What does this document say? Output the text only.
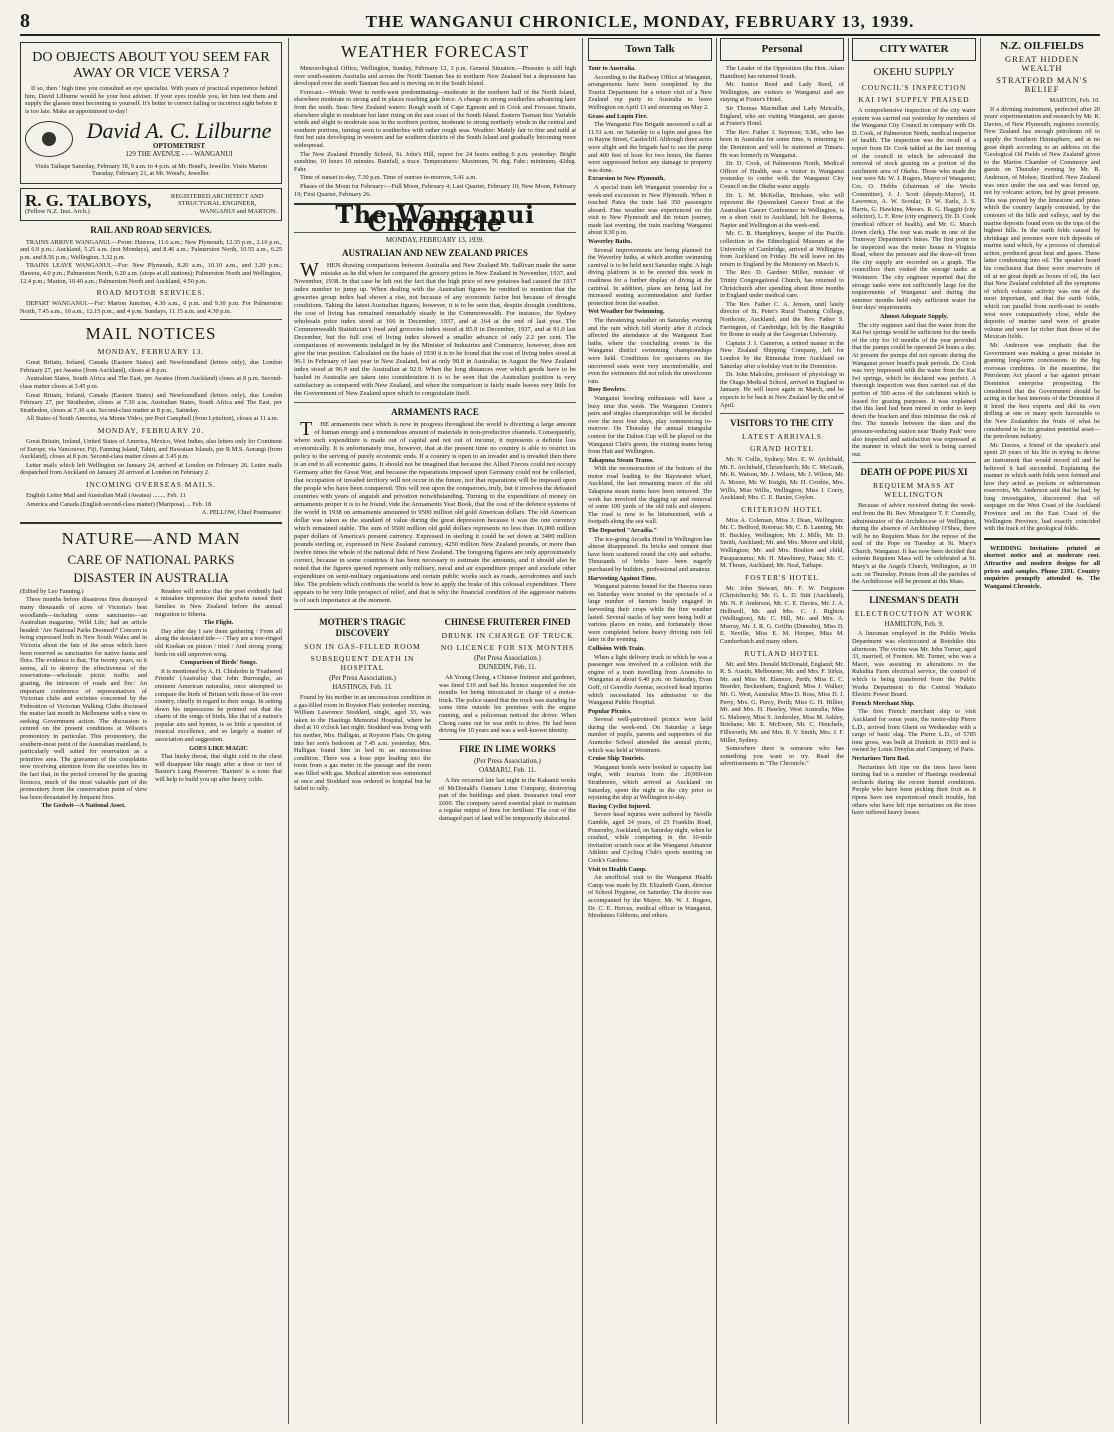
8	THE WANGANUI CHRONICLE, MONDAY, FEBRUARY 13, 1939.
DO OBJECTS ABOUT YOU SEEM FAR AWAY OR VICE VERSA ?

If so, then ' high time you consulted an eye specialist. With years of practical experience behind him, David Lilburne would be your best adviser. If your eyes trouble you, let him test them and supply the glasses most becoming to yourself. It's better to correct failing or incorrect sight before it is too late. Make an appointment to-day!

David A. C. Lilburne
OPTOMETRIST
129 THE AVENUE - - - WANGANUI

Visits Taihape Saturday, February 18, 9 a.m. to 4 p.m. at Mr. Bond's, Jeweller. Visits Marton Tuesday, February 21, at Mr. Wood's, Jeweller.

R. G. TALBOYS,	REGISTERED ARCHITECT AND STRUCTURAL ENGINEER,
(Fellow N.Z. Inst. Arch.)	WANGANUI and MARTON.
RAIL AND ROAD SERVICES.

TRAINS ARRIVE WANGANUI.—From: Hawera, 11.6 a.m.; New Plymouth, 12.35 p.m., 2.16 p.m., and 6.9 p.m.; Auckland, 5.25 a.m. (not Mondays), and 8.46 a.m.; Palmerston North, 10.55 a.m., 6.25 p.m. and 8.56 p.m.; Wellington, 3.32 p.m.

TRAINS LEAVE WANGANUI.—For: New Plymouth, 8.20 a.m., 10.10 a.m., and 3.20 p.m.; Hawera, 4.0 p.m.; Palmerston North, 6.20 a.m. (stops at all stations); Palmerston North and Wellington, 12.4 p.m.; Marton, 10.40 a.m.; Palmerston North and Auckland, 4.50 p.m.

ROAD MOTOR SERVICES.

DEPART WANGANUI.—For: Marton Junction, 4.30 a.m., 6 p.m. and 9.30 p.m. For Palmerston North, 7.45 a.m., 10 a.m., 12.15 p.m., and 4 p.m. Sundays, 11.15 a.m. and 4.30 p.m.

MAIL NOTICES
MONDAY, FEBRUARY 13.

Great Britain, Ireland, Canada (Eastern States) and Newfoundland (letters only), due London February 27, per Awatea (from Auckland), closes at 8 p.m.

Australian States, South Africa and The East, per Awatea (from Auckland) closes at 8 p.m. Second-class matter closes at 3.45 p.m.

Great Britain, Ireland, Canada (Eastern States) and Newfoundland (letters only), due London February 27, per Strathedon, closes at 7.30 a.m. Australian States, South Africa and The East, per Strathedon, closes at 7.30 a.m. Second-class matter at 8 p.m., Saturday.

All States of South America, via Monte Video, per Port Campbell (from Lyttelton), closes at 11 a.m.

MONDAY, FEBRUARY 20.

Great Britain, Ireland, United States of America, Mexico, West Indies, also letters only for Continent of Europe, via Vancouver, Fiji, Fanning Island, Tahiti, and Hawaiian Islands, per R.M.S. Aorangi (from Auckland), closes at 8 p.m. Second-class matter closes at 3.45 p.m.

Letter mails which left Wellington on January 24, arrived at London on February 26. Letter mails despatched from Auckland on January 20 arrived at London on February 2.

INCOMING OVERSEAS MAILS.

English Letter Mail and Australian Mail (Awatea) ........ Feb. 11

America and Canada (English second-class matter) (Mariposa) ... Feb. 18

A. PELLOW, Chief Postmaster.

NATURE—AND MAN
CARE OF NATIONAL PARKS
DISASTER IN AUSTRALIA

(Edited by Leo Fanning.)

Three months before disastrous fires destroyed many thousands of acres of Victoria's best woodlands—including some sanctuaries—an Australian magazine, 'Wild Life,' had an article headed: 'Are National Parks Doomed?' Concern is being expressed both in New South Wales and in Victoria about the fate of the areas which have been reserved as sanctuaries for native fauna and flora. The evidence is that, 'For twenty years, so it seems, all to destroy the effectiveness of the reservations—wholesale picnic traffic and grazing, the intrusion of roads and fire.' An important conference of representatives of Victorian clubs and societies concerned by the Federation of Victorian Walking Clubs discussed the matter last month in Melbourne with a view to seeking Government action. The discussion is centred on the present conditions at Wilson's promontory in particular. This promontory, the southern-most point of the Australian mainland, is particularly well suited for reservation as a primitive area. The gravamen of the complaints now receiving attention from the societies lies in the fact that, in the period covered by the grazing licences, much of the most valuable part of the promontory from the conservation point of view has been devastated by frequent fires.

The Godwit—A National Asset.

Readers will notice that the poet evidently had a mistaken impression that godwits raised their families in New Zealand before the annual migration to Siberia.

The Flight.

Day after day I saw them gathering / From all along the desolated tide— / They are a tree-ringed old Kookan on pinion / tried / And strong young birds on still unproven wing.

Comparison of Birds' Songs.

It is mentioned by A. H. Chisholm in 'Feathered Friends' (Australia) that John Burroughs, an eminent American naturalist, once attempted to compare the birds of Britain with those of his own country, chiefly in regard to their songs. In setting down his impressions he pointed out that the charm of the songs of birds, like that of a nation's popular airs and hymns, is so little a question of musical excellence, and so largely a matter of association and suggestion.

GOES LIKE MAGIC

That husky throat, that slight cold in the chest will disappear like magic after a dose or two of Baxter's Lung Preserver. 'Baxters' is a tonic that will help to build you up after heavy colds.

WEATHER FORECAST

Meteorological Office, Wellington, Sunday, February 12, 3 p.m. General Situation.—Pressure is still high over south-eastern Australia and across the North Tasman Sea to northern New Zealand but a depression has developed over the south Tasman Sea and is moving on to the South Island.

Forecast.—Winds: West to north-west predominating—moderate in the northern half of the North Island, elsewhere moderate to strong and in places reaching gale force. A change to strong southerlies advancing later from the south. Seas: New Zealand waters: Rough south of Cape Egmont and in Cook and Foveaux Straits, elsewhere slight to moderate but later rising on the east coast of the South Island. Eastern Tasman Sea: Variable winds and slight to moderate seas in the northern portion, moderate to strong northerly winds in the central and southern portions, turning soon to southerlies with rather rough seas. Weather: Mainly fair to fine and mild at first but rain developing in western and far southern districts of the South Island and gradually becoming more widespread.

The New Zealand Friendly School, St. John's Hill, report for 24 hours ending 6 p.m. yesterday: Bright sunshine, 10 hours 10 minutes. Rainfall, a trace. Temperatures: Maximum, 76 deg. Fahr.; minimum, 42deg. Fahr.

Time of sunset to-day, 7.30 p.m. Time of sunrise to-morrow, 5.41 a.m.

Phases of the Moon for February:—Full Moon, February 4; Last Quarter, February 10; New Moon, February 19; First Quarter, February 26.

The Wanganui Chronicle
MONDAY, FEBRUARY 13, 1939.
AUSTRALIAN AND NEW ZEALAND PRICES

WHEN drawing comparisons between Australia and New Zealand Mr. Sullivan made the same mistake as he did when he compared the grocery prices in New Zealand in November, 1937, and November, 1938. In that case he left out the fact that the high price of new potatoes had caused the 1937 index number to jump up. When dealing with the Australian figures he omitted to mention that the groceries group index had shown a rise, not because of any economic factor but because of drought conditions. Taking the latest Australian figures, however, it is to be seen that, despite drought conditions, the cost of living has remained remarkably steady in the Commonwealth. For instance, the Sydney wholesale price index stood at 166 in December, 1937, and at 164 at the end of last year. The Commonwealth Statistician's food and groceries index stood at 85.9 in December, 1937, and at 91.0 last December, but the full cost of living index showed a smaller advance of only 2.2 per cent. The comparisons of movements indulged in by the Minister of Industries and Commerce, however, does not give the true position. Calculated on the basis of 1930 it is to be found that the cost of living index stood at 96.1 in February of last year in New Zealand, but at only 90.8 in Australia; in August the New Zealand index stood at 96.9 and the Australian at 92.9. When the long distances over which goods have to be hauled in Australia are taken into consideration it is to be seen that the Australian position is very satisfactory as compared with New Zealand, and when the comparison is fairly made leaves very little for the Government of New Zealand upon which to congratulate itself.

ARMAMENTS RACE

THE armaments race which is now in progress throughout the world is diverting a large amount of human energy and a tremendous amount of materials in non-productive channels. Consequently, where such expenditure is made out of capital and not out of income, it represents a definite loss economically. It is unfortunately true, however, that at the present time no country is able to restrict its policy to the serving of purely economic ends. If a country is open to an invader and is invaded then there is an end to all economic gains. It should not be imagined that because the Allied Forces could not occupy Germany after the Great War, and because the reparations imposed upon Germany could not be collected, that occupation of invaded territory will not occur in the future, nor that reparations will be imposed upon the people who have been conquered. This will rest upon the conquerors, truly, but it involves the defeated countries with years of anguish and privation notwithstanding. Turning to the expenditure of money on armaments proper it is to be found, vide the Armaments Year Book, that the cost of the defence systems of the world in 1938 on armaments amounted to 9500 million old gold American dollars. The old American dollar was taken as the standard of value during the great depression because it was the one currency which remained stable. The sum of 9500 million old gold dollars represents no less than 16,000 million paper dollars of America's present currency. Expressed in sterling it could be set down at 3400 million pounds sterling or, expressed in New Zealand currency, 4250 million New Zealand pounds, or more than twelve times the whole of the national debt of New Zealand. The foregoing figures are only approximately correct, because in some countries it has been necessary to estimate the amounts, and it should also be noted that the figures quoted represent only military, naval and air expenditure proper and exclude other expenditure on semi-military organisations and certain public works such as roads, aerodromes and such like. The problem which confronts the world is how to apply the brake of this colossal expenditure. There appears to be very little prospect of relief, and that is why the financial condition of the aggressor nations is of such importance at the moment.

MOTHER'S TRAGIC DISCOVERY
SON IN GAS-FILLED ROOM
SUBSEQUENT DEATH IN HOSPITAL
(Per Press Association.)
HASTINGS, Feb. 11.

Found by his mother in an unconscious condition in a gas-filled room in Royston Flats yesterday morning, William Lawrence Stoddard, single, aged 33, was taken to the Hastings Memorial Hospital, where he died at 10 o'clock last night. Stoddard was living with his mother, Mrs. Halligan, at Royston Flats. On going into her son's bedroom at 7.45 a.m. yesterday, Mrs. Halligan found him in bed in an unconscious condition. There was a hose pipe leading into the room from a gas meter in the passage and the room was filled with gas. Medical attention was summoned at once and Stoddard was ordered to hospital but he failed to rally.

CHINESE FRUITERER FINED
DRUNK IN CHARGE OF TRUCK
NO LICENCE FOR SIX MONTHS
(Per Press Association.)
DUNEDIN, Feb. 11.

Ah Young Chong, a Chinese fruiterer and gardener, was fined £10 and had his licence suspended for six months for being intoxicated in charge of a motor-truck. The police stated that the truck was standing for some time outside his premises with the engine running, and a policeman noticed the driver. When Chong came out he was unfit to drive. He had been driving for 10 years and was a well-known identity.

FIRE IN LIME WORKS
(Per Press Association.)
OAMARU, Feb. 11.

A fire occurred late last night in the Kakanui works of McDonald's Oamaru Lime Company, destroying part of the buildings and plant. Insurance total over £600. The company saved essential plant to maintain a regular output of lime for fertiliser. The cost of the damaged part of land will be temporarily dislocated.

Town Talk

Tour to Australia.

According to the Railway Office at Wanganui, arrangements have been completed by the Tourist Department for a return visit of a New Zealand rep party to Australia to leave Wellington on April 13 and returning on May 2.

Grass and Lupin Fire.

The Wanganui Fire Brigade answered a call at 11.51 a.m. on Saturday to a lupin and grass fire in Rayne Street, Castlecliff. Although three acres were alight and the brigade had to use the pump and 400 feet of hose for two hours, the flames were suppressed before any damage to property was done.

Excursion to New Plymouth.

A special train left Wanganui yesterday for a week-end excursion to New Plymouth. When it reached Patea the train had 350 passengers aboard. Fine weather was experienced on the visit to New Plymouth and the return journey, made last evening, the train reaching Wanganui about 9.30 p.m.

Waverley Baths.

Several improvements are being planned for the Waverley baths, at which another swimming carnival is to be held next Saturday night. A high diving platform is to be erected this week in readiness for a further display of diving at the carnival. In addition, plans are being laid for increased seating accommodation and further protection from the weather.

Wet Weather for Swimming.

The threatening weather on Saturday evening and the rain which fell shortly after 8 o'clock affected the attendance at the Wanganui East baths, where the concluding events in the Wanganui district swimming championships were held. Conditions for spectators on the uncovered seats were very uncomfortable, and even the swimmers did not relish the unwelcome rain.

Busy Bowlers.

Wanganui bowling enthusiasts will have a busy time this week. The Wanganui Centre's pairs and singles championships will be decided over the next four days, play commencing to-morrow. On Thursday the annual triangular contest for the Dalton Cup will be played on the Wanganui Club's green, the visiting teams being from Hutt and Wellington.

Takapuna Steam Trams.

With the reconstruction of the bottom of the motor road leading to the Bayswater wharf, Auckland, the last remaining traces of the old Takapuna steam trams have been removed. The work has involved the digging up and removal of some 100 yards of the old rails and sleepers. The road is now to be bitumenised, with a footpath along the sea wall.

The Departed "Arcadia."

The ice-going Arcadia Hotel in Wellington has almost disappeared. Its bricks and cement dust have been scattered round the city and suburbs. Thousands of bricks have been eagerly purchased by builders, professional and amateur.

Harvesting Against Time.

Wanganui patrons bound for the Hawera races on Saturday were treated to the spectacle of a large number of farmers busily engaged in harvesting their crops while the fine weather lasted. Several stacks of hay were being built at various places en route, and fortunately those were completed before heavy driving rain fell later in the evening.

Collision With Train.

When a light delivery truck in which he was a passenger was involved in a collision with the engine of a train travelling from Aramoho to Wanganui at about 6.40 p.m. on Saturday, Evan Goff, of Gonville Avenue, received head injuries which necessitated his admission to the Wanganui Public Hospital.

Popular Picnics.

Several well-patronised picnics were held during the week-end. On Saturday a large number of pupils, parents and supporters of the Aramoho School attended the annual picnic, which was held at Westmere.

Cruise Ship Tourists.

Wanganui hotels were booked to capacity last night, with tourists from the 20,000-ton Strathmore, which arrived at Auckland on Saturday, spent the night in the city prior to rejoining the ship at Wellington to-day.

Racing Cyclist Injured.

Severe head injuries were suffered by Neville Gamble, aged 24 years, of 25 Franklin Road, Ponsonby, Auckland, on Saturday night, when he crashed, while competing in the 10-mile invitation scratch race at the Wanganui Amateur Athletic and Cycling Club's sports meeting on Cook's Gardens.

Visit to Health Camp.

An unofficial visit to the Wanganui Health Camp was made by Dr. Elizabeth Gunn, director of School Hygiene, on Saturday. The doctor was accompanied by the Mayor, Mr. W. J. Rogers, Dr. C. E. Hercus, medical officer in Wanganui, Mesdames Gibbons, and others.

Personal

The Leader of the Opposition (the Hon. Adam Hamilton) has returned South.

Mr. Justice Reed and Lady Reed, of Wellington, are visitors to Wanganui and are staying at Foster's Hotel.

Sir Thomas Macmillan and Lady Metcalfe, England, who are visiting Wanganui, are guests at Foster's Hotel.

The Rev. Father J. Seymour, S.M., who has been in Australia for some time, is returning to the Dominion and will be stationed at Timaru. He was formerly in Wanganui.

Dr. D. Cook, of Palmerston North, Medical Officer of Health, was a visitor to Wanganui yesterday to confer with the Wanganui City Council on the Okehu water supply.

Dr. L. M. McKellar, Brisbane, who will represent the Queensland Cancer Trust at the Australian Cancer Conference in Wellington, is on a short visit to Auckland, left for Rotorua, Napier and Wellington at the week-end.

Mr. C. B. Humphreys, keeper of the Pacific collection in the Ethnological Museum at the University of Cambridge, arrived at Wellington from Auckland on Friday. He will leave on his return to England by the Monterey on March 6.

The Rev. D. Gardner Miller, minister of Trinity Congregational Church, has returned to Christchurch after spending about three months in England under medical care.

The Rev. Father C. A. Jensen, until lately director of St. Peter's Rural Training College, Northcote, Auckland, and the Rev. Father S. Farrington, of Cambridge, left by the Rangitiki for Rome to study at the Gregorian University.

Captain J. I. Cameron, a retired master in the New Zealand Shipping Company, left for London by the Rimutaka from Auckland on Saturday after a holiday visit to the Dominion.

Dr. John Malcolm, professor of physiology in the Otago Medical School, arrived in England in January. He will leave again in March, and he expects to be back in New Zealand by the end of April.

VISITORS TO THE CITY
LATEST ARRIVALS
GRAND HOTEL

Mr. N. Collis, Sydney; Mrs. E. W. Archibald, Mr. E. Archibald, Christchurch; Mr. C. McGrath, Mr. K. Watson, Mr. J. Wilson, Mr. J. Wilson, Mr. A. Moore, Mr. W. Knight, Mr. H. Crosbie, Mrs. Willis, Miss Willis, Wellington; Miss J. Coery, Auckland; Mrs. C. E. Baxter, Ceylon.

CRITERION HOTEL

Miss A. Coleman, Miss J. Dean, Wellington; Mr. C. Bedford, Rotorua; Mr. C. B. Lanning, Mr. H. Buckley, Wellington; Mr. J. Mills, Mr. D. Smith, Auckland; Mr. and Mrs. Moore and child, Wellington; Mr. and Mrs. Boulton and child, Paraparaumu; Mr. H. Mawhiney, Patea; Mr. C. M. Thrum, Auckland; Mr. Neal, Taihape.

FOSTER'S HOTEL

Mr. John Stewart, Mr. F. W. Ferguson (Christchurch); Mr. G. L. D. Stitt (Auckland), Mr. N. P. Anderson, Mr. C. E. Davies, Mr. J. A. Helliwell, Mr. and Mrs. C. J. Righton (Wellington), Mr. C. Hill, Mr. and Mrs. A. Murray, Mr. J. R. G. Griffin (Dunedin), Miss D. E. Neville, Miss E. M. Hooper, Miss M. Cumberbatch and many others.

RUTLAND HOTEL

Mr. and Mrs. Donald McDonald, England; Mr. R. S. Austin, Melbourne; Mr. and Mrs. F. Sirkis, Mr. and Miss M. Elsmore, Perth; Miss E. C. Bearder, Beckenham, England; Miss J. Walker, Mr. G. West, Australia; Miss D. Ross, Miss D. J. Perry, Mrs. G. Percy, Perth; Miss G. H. Hillier, Mr. and Mrs. H. Hawley, West Australia; Miss G. Maloney, Miss S. Andersley, Miss M. Ashley, Brisbane; Mr. E. McEwen, Mr. C. Heuchele, Fillsworth; Mr. and Mrs. R. V. Smith, Mrs. J. F. Miller, Sydney.

Somewhere there is someone who has something you want to try. Read the advertisements in "The Chronicle."

CITY WATER
OKEHU SUPPLY
COUNCIL'S INSPECTION
KAI IWI SUPPLY PRAISED

A comprehensive inspection of the city water system was carried out yesterday by members of the Wanganui City Council in company with Dr. D. Cook, of Palmerston North, medical inspector of health. The inspection was the result of a report from Dr. Cook tabled at the last meeting of the council in which he advocated the removal of stock grazing on a portion of the catchment area of Okehu. Those who made the tour were Mr. W. J. Rogers, Mayor of Wanganui; Crs. O. Hobbs (chairman of the Works Committee), J. J. Scott (deputy-Mayor), H. Lawrence, A. W. Scoular, D. W. Earle, J. S. Harris, G. Hawkins, Messrs. R. G. Haggitt (city solicitor), L. F. Row (city engineer), Dr. D. Cook (medical officer of health), and Mr. G. Murch (town clerk). The tour was made in one of the Tramway Department's buses. The first point to be inspected was the meter house in Virginia Road, where the pressure and the draw-off from the city supply are recorded on a graph. The councillors then visited the storage tanks at Westmere. The city engineer reported that the storage tanks were not sufficiently large for the requirements of Wanganui and during the summer months held only sufficient water for four days' requirements.

Almost Adequate Supply.

The city engineer said that the water from the Kai Iwi springs would be sufficient for the needs of the city for 10 months of the year provided that the pumps could be operated 24 hours a day. At present the pumps did not operate during the Wanganui power board's peak periods. Dr. Cook was very impressed with the water from the Kai Iwi springs, which he declared was perfect. A thorough inspection was then carried out of the portion of 500 acres of the catchment which is leased for grazing purposes. It was explained that this land had been mined in order to keep down the bracken and thus minimise the risk of fire. The tunnels between the dam and the pressure-reducing station near 'Bushy Park' were also inspected and satisfaction was expressed at the manner in which the work is being carried out.

DEATH OF POPE PIUS XI
REQUIEM MASS AT WELLINGTON

Because of advice received during the week-end from the Rt. Rev. Monsignor T. F. Connolly, administrator of the Archdiocese of Wellington, during the absence of Archbishop O'Shea, there will be no Requiem Mass for the repose of the soul of the Pope on Tuesday at St. Mary's Church, Wanganui. It has now been decided that solemn Requiem Mass will be celebrated at St. Mary's at the Angels Church, Wellington, at 10 a.m. on Thursday. Priests from all the parishes of the Archdiocese will be present at this Mass.

LINESMAN'S DEATH
ELECTROCUTION AT WORK
HAMILTON, Feb. 9.

A linesman employed in the Public Works Department was electrocuted at Rotohiko this afternoon. The victim was Mr. John Turner, aged 33, married, of Frenton. Mr. Turner, who was a Maori, was assisting in alterations to the Rukuhia Farm electrical service, the control of which is being transferred from the Public Works Department to the Central Waikato Electric Power Board.

French Merchant Ship.

The first French merchant ship to visit Auckland for some years, the motor-ship Pierre L.D., arrived from Ghent on Wednesday with a cargo of basic slag. The Pierre L.D., of 5785 tons gross, was built at Dunkirk in 1933 and is owned by Louis Dreyfus and Company, of Paris.

Nectarines Turn Bad.

Nectarines left ripe on the trees have been turning bad in a number of Hastings residential orchards during the recent humid conditions. People who have been picking their fruit as it ripens have not experienced much trouble, but others who have left ripe nectarines on the trees have suffered heavy losses.

N.Z. OILFIELDS
GREAT HIDDEN WEALTH
STRATFORD MAN'S BELIEF

MARTON, Feb. 10.

If a divining instrument, perfected after 20 years' experimentation and research by Mr. R. Davies, of New Plymouth, registers correctly, New Zealand has enough petroleum oil to supply the Southern Hemisphere, and at no great depth according to an address on the 'Geological Oil Fields of New Zealand' given to the Marton Chamber of Commerce and guests on Thursday evening by Mr. R. Anderson, of Mohoe, Stratford. New Zealand was once under the sea and was forced up, not by volcanic action, but by great pressure. This was proved by the limestone and pines which the country largely consisted, by the contours of the hills and valleys, and by the marine deposits found even on the tops of the highest hills. In the earth folds caused by shrinkage and pressure were rich deposits of marine sand which, by a process of chemical action, produced great heat and gases. These latter condensing into oil. The speaker heard his conclusion that there were reservoirs of oil at no great depth as boxes of oil, the fact that New Zealand exhibited all the symptoms of which volcanic activity was one of the most important, and that the earth folds, which ran parallel from north-east to south-west were comparatively close, while the deposits of marine sand were of greater volume and were far richer than those of the Mexican fields.

Mr. Anderson was emphatic that the Government was making a great mistake in granting long-term concessions to the big overseas combines. In the meantime, the Petroleum Act placed a bar against private Dominion enterprise prospecting. He considered that the Government should be acting in the best interests of the Dominion if it hired the best experts and did its own drilling at one or many spots favourable to the New Zealanders the fruits of what he considered to be its greatest potential asset—the petroleum industry.

Mr. Davies, a friend of the speaker's and spent 20 years of his life in trying to devise an instrument that would record oil and he believed it had succeeded. Explaining the manner in which earth folds were formed and how they acted as pockets or subterranean reservoirs, Mr. Anderson said that he had, by long investigation, discovered that oil seepages on the West Coast of the Auckland Province and on the East Coast of the Wellington Province, had exactly coincided with the track of the geological folds.

WEDDING Invitations printed at shortest notice and at moderate cost. Attractive and modern designs for all prices and samples. Phone 2191. Country enquiries promptly attended to. The Wanganui Chronicle.
